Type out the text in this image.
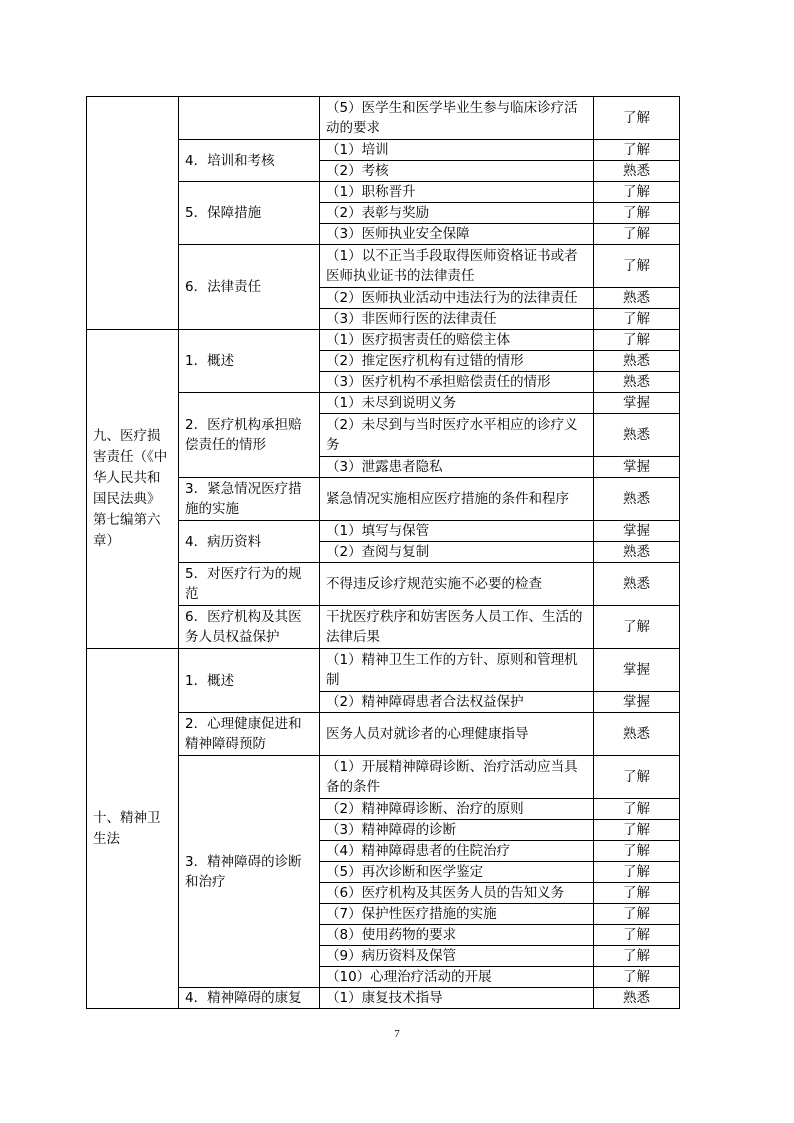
		（5）医学生和医学毕业生参与临床诊疗活动的要求	了解
	4．培训和考核	（1）培训	了解
		（2）考核	熟悉
	5．保障措施	（1）职称晋升	了解
		（2）表彰与奖励	了解
		（3）医师执业安全保障	了解
	6．法律责任	（1）以不正当手段取得医师资格证书或者医师执业证书的法律责任	了解
		（2）医师执业活动中违法行为的法律责任	熟悉
		（3）非医师行医的法律责任	了解
九、医疗损害责任（《中华人民共和国民法典》第七编第六章）	1．概述	（1）医疗损害责任的赔偿主体	了解
		（2）推定医疗机构有过错的情形	熟悉
		（3）医疗机构不承担赔偿责任的情形	熟悉
	2．医疗机构承担赔偿责任的情形	（1）未尽到说明义务	掌握
		（2）未尽到与当时医疗水平相应的诊疗义务	熟悉
		（3）泄露患者隐私	掌握
	3．紧急情况医疗措施的实施	紧急情况实施相应医疗措施的条件和程序	熟悉
	4．病历资料	（1）填写与保管	掌握
		（2）查阅与复制	熟悉
	5．对医疗行为的规范	不得违反诊疗规范实施不必要的检查	熟悉
	6．医疗机构及其医务人员权益保护	干扰医疗秩序和妨害医务人员工作、生活的法律后果	了解
十、精神卫生法	1．概述	（1）精神卫生工作的方针、原则和管理机制	掌握
		（2）精神障碍患者合法权益保护	掌握
	2．心理健康促进和精神障碍预防	医务人员对就诊者的心理健康指导	熟悉
	3．精神障碍的诊断和治疗	（1）开展精神障碍诊断、治疗活动应当具备的条件	了解
		（2）精神障碍诊断、治疗的原则	了解
		（3）精神障碍的诊断	了解
		（4）精神障碍患者的住院治疗	了解
		（5）再次诊断和医学鉴定	了解
		（6）医疗机构及其医务人员的告知义务	了解
		（7）保护性医疗措施的实施	了解
		（8）使用药物的要求	了解
		（9）病历资料及保管	了解
		（10）心理治疗活动的开展	了解
	4．精神障碍的康复	（1）康复技术指导	熟悉
7
